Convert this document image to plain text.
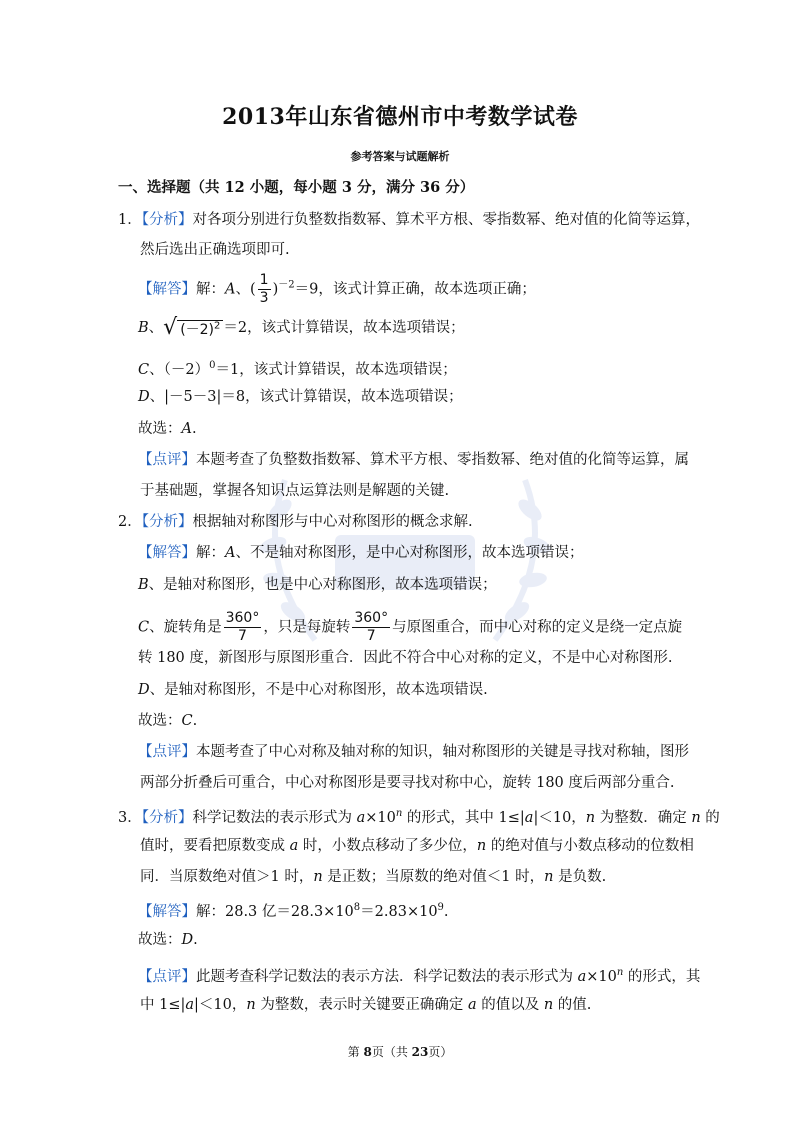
2013年山东省德州市中考数学试卷
参考答案与试题解析
一、选择题（共 12 小题，每小题 3 分，满分 36 分）
1．【分析】对各项分别进行负整数指数幂、算术平方根、零指数幂、绝对值的化简等运算，
然后选出正确选项即可.
【解答】解：A、( $\frac{1}{3} )^{-2}=9$，该式计算正确，故本选项正确；
B、√ $(-2)^2 =2$，该式计算错误，故本选项错误；
C、$(-2)^0=1$，该式计算错误，故本选项错误；
D、|－5－3|＝8，该式计算错误，故本选项错误；
故选：A.
【点评】本题考查了负整数指数幂、算术平方根、零指数幂、绝对值的化简等运算，属
于基础题，掌握各知识点运算法则是解题的关键.
2．【分析】根据轴对称图形与中心对称图形的概念求解.
【解答】解：A、不是轴对称图形，是中心对称图形，故本选项错误；
B、是轴对称图形，也是中心对称图形，故本选项错误；
C、旋转角是 $\frac{360^\circ}{7}$ ，只是每旋转 $\frac{360^\circ}{7}$ 与原图重合，而中心对称的定义是绕一定点旋
转 180 度，新图形与原图形重合．因此不符合中心对称的定义，不是中心对称图形.
D、是轴对称图形，不是中心对称图形，故本选项错误.
故选：C.
【点评】本题考查了中心对称及轴对称的知识，轴对称图形的关键是寻找对称轴，图形
两部分折叠后可重合，中心对称图形是要寻找对称中心，旋转 180 度后两部分重合.
3．【分析】科学记数法的表示形式为 $a\times 10^n$ 的形式，其中 1≤|a|＜10，n 为整数．确定 n 的
值时，要看把原数变成 a 时，小数点移动了多少位，n 的绝对值与小数点移动的位数相
同．当原数绝对值＞1 时，n 是正数；当原数的绝对值＜1 时，n 是负数.
【解答】解：28.3 亿$=28.3\times 10^8=2.83\times 10^9$.
故选：D.
【点评】此题考查科学记数法的表示方法．科学记数法的表示形式为 $a\times 10^n$ 的形式，其
中 1≤|a|＜10，n 为整数，表示时关键要正确确定 a 的值以及 n 的值.
第 8页（共 23页）
